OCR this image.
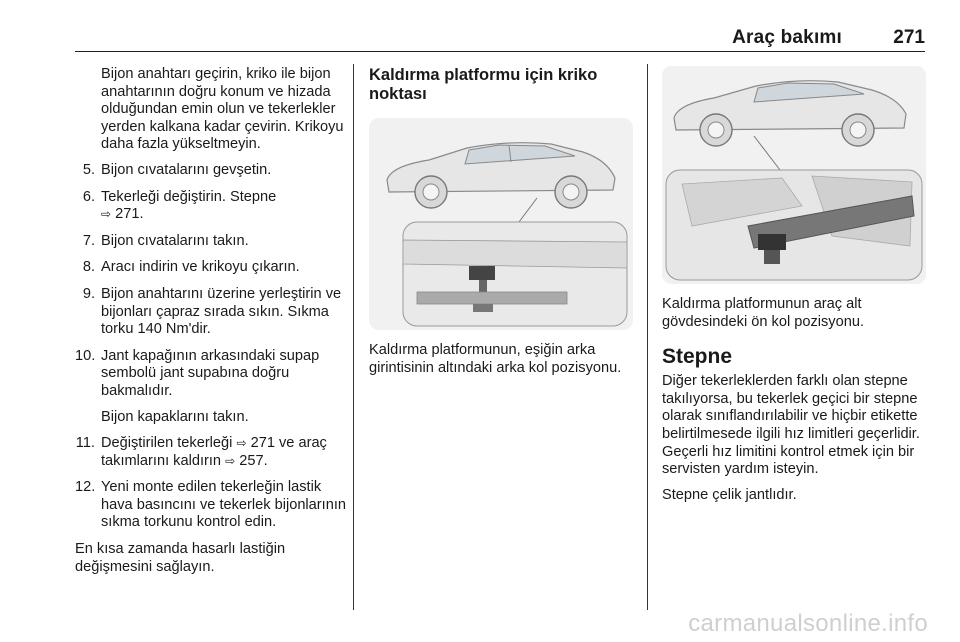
Araç bakımı	271
Bijon anahtarı geçirin, kriko ile bijon anahtarının doğru konum ve hizada olduğundan emin olun ve tekerlekler yerden kalkana kadar çevirin. Krikoyu daha fazla yükseltmeyin.
5. Bijon cıvatalarını gevşetin.
6. Tekerleği değiştirin. Stepne
⇨ 271.
7. Bijon cıvatalarını takın.
8. Aracı indirin ve krikoyu çıkarın.
9. Bijon anahtarını üzerine yerleştirin ve bijonları çapraz sırada sıkın. Sıkma torku 140 Nm'dir.
10. Jant kapağının arkasındaki supap sembolü jant supabına doğru bakmalıdır.
Bijon kapaklarını takın.
11. Değiştirilen tekerleği ⇨ 271 ve araç takımlarını kaldırın ⇨ 257.
12. Yeni monte edilen tekerleğin lastik hava basıncını ve tekerlek bijonlarının sıkma torkunu kontrol edin.
En kısa zamanda hasarlı lastiğin değişmesini sağlayın.
Kaldırma platformu için kriko noktası
Kaldırma platformunun, eşiğin arka girintisinin altındaki arka kol pozisyonu.
Kaldırma platformunun araç alt gövdesindeki ön kol pozisyonu.
Stepne
Diğer tekerleklerden farklı olan stepne takılıyorsa, bu tekerlek geçici bir stepne olarak sınıflandırılabilir ve hiçbir etikette belirtilmesede ilgili hız limitleri geçerlidir. Geçerli hız limitini kontrol etmek için bir servisten yardım isteyin.
Stepne çelik jantlıdır.
carmanualsonline.info
